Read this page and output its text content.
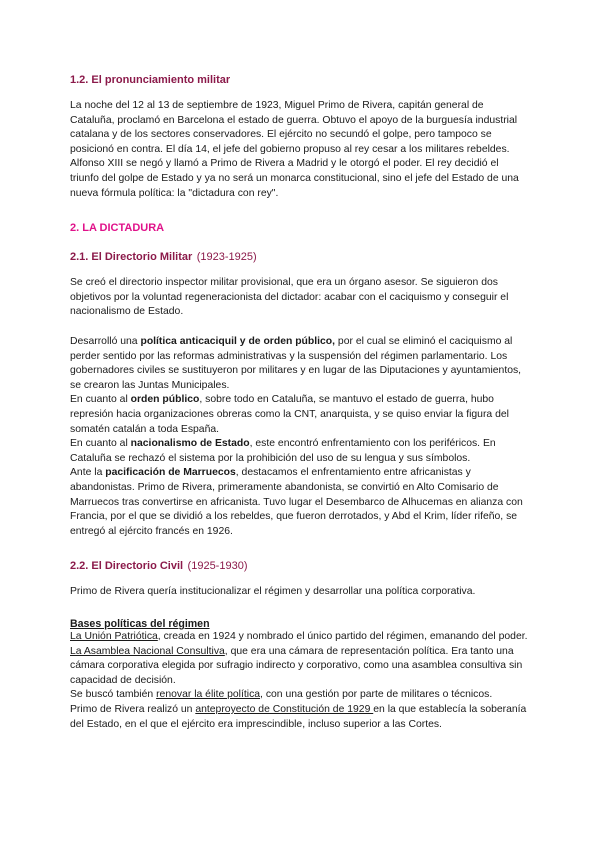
1.2. El pronunciamiento militar

La noche del 12 al 13 de septiembre de 1923, Miguel Primo de Rivera, capitán general de Cataluña, proclamó en Barcelona el estado de guerra. Obtuvo el apoyo de la burguesía industrial catalana y de los sectores conservadores. El ejército no secundó el golpe, pero tampoco se posicionó en contra. El día 14, el jefe del gobierno propuso al rey cesar a los militares rebeldes. Alfonso XIII se negó y llamó a Primo de Rivera a Madrid y le otorgó el poder. El rey decidió el triunfo del golpe de Estado y ya no será un monarca constitucional, sino el jefe del Estado de una nueva fórmula política: la "dictadura con rey".

2. LA DICTADURA
2.1. El Directorio Militar (1923-1925)

Se creó el directorio inspector militar provisional, que era un órgano asesor. Se siguieron dos objetivos por la voluntad regeneracionista del dictador: acabar con el caciquismo y conseguir el nacionalismo de Estado.

Desarrolló una política anticaciquil y de orden público, por el cual se eliminó el caciquismo al perder sentido por las reformas administrativas y la suspensión del régimen parlamentario. Los gobernadores civiles se sustituyeron por militares y en lugar de las Diputaciones y ayuntamientos, se crearon las Juntas Municipales.

En cuanto al orden público, sobre todo en Cataluña, se mantuvo el estado de guerra, hubo represión hacia organizaciones obreras como la CNT, anarquista, y se quiso enviar la figura del somatén catalán a toda España.

En cuanto al nacionalismo de Estado, este encontró enfrentamiento con los periféricos. En Cataluña se rechazó el sistema por la prohibición del uso de su lengua y sus símbolos.

Ante la pacificación de Marruecos, destacamos el enfrentamiento entre africanistas y abandonistas. Primo de Rivera, primeramente abandonista, se convirtió en Alto Comisario de Marruecos tras convertirse en africanista. Tuvo lugar el Desembarco de Alhucemas en alianza con Francia, por el que se dividió a los rebeldes, que fueron derrotados, y Abd el Krim, líder rifeño, se entregó al ejército francés en 1926.

2.2. El Directorio Civil (1925-1930)

Primo de Rivera quería institucionalizar el régimen y desarrollar una política corporativa.

Bases políticas del régimen

La Unión Patriótica, creada en 1924 y nombrado el único partido del régimen, emanando del poder.

La Asamblea Nacional Consultiva, que era una cámara de representación política. Era tanto una cámara corporativa elegida por sufragio indirecto y corporativo, como una asamblea consultiva sin capacidad de decisión.

Se buscó también renovar la élite política, con una gestión por parte de militares o técnicos.

Primo de Rivera realizó un anteproyecto de Constitución de 1929 en la que establecía la soberanía del Estado, en el que el ejército era imprescindible, incluso superior a las Cortes.
